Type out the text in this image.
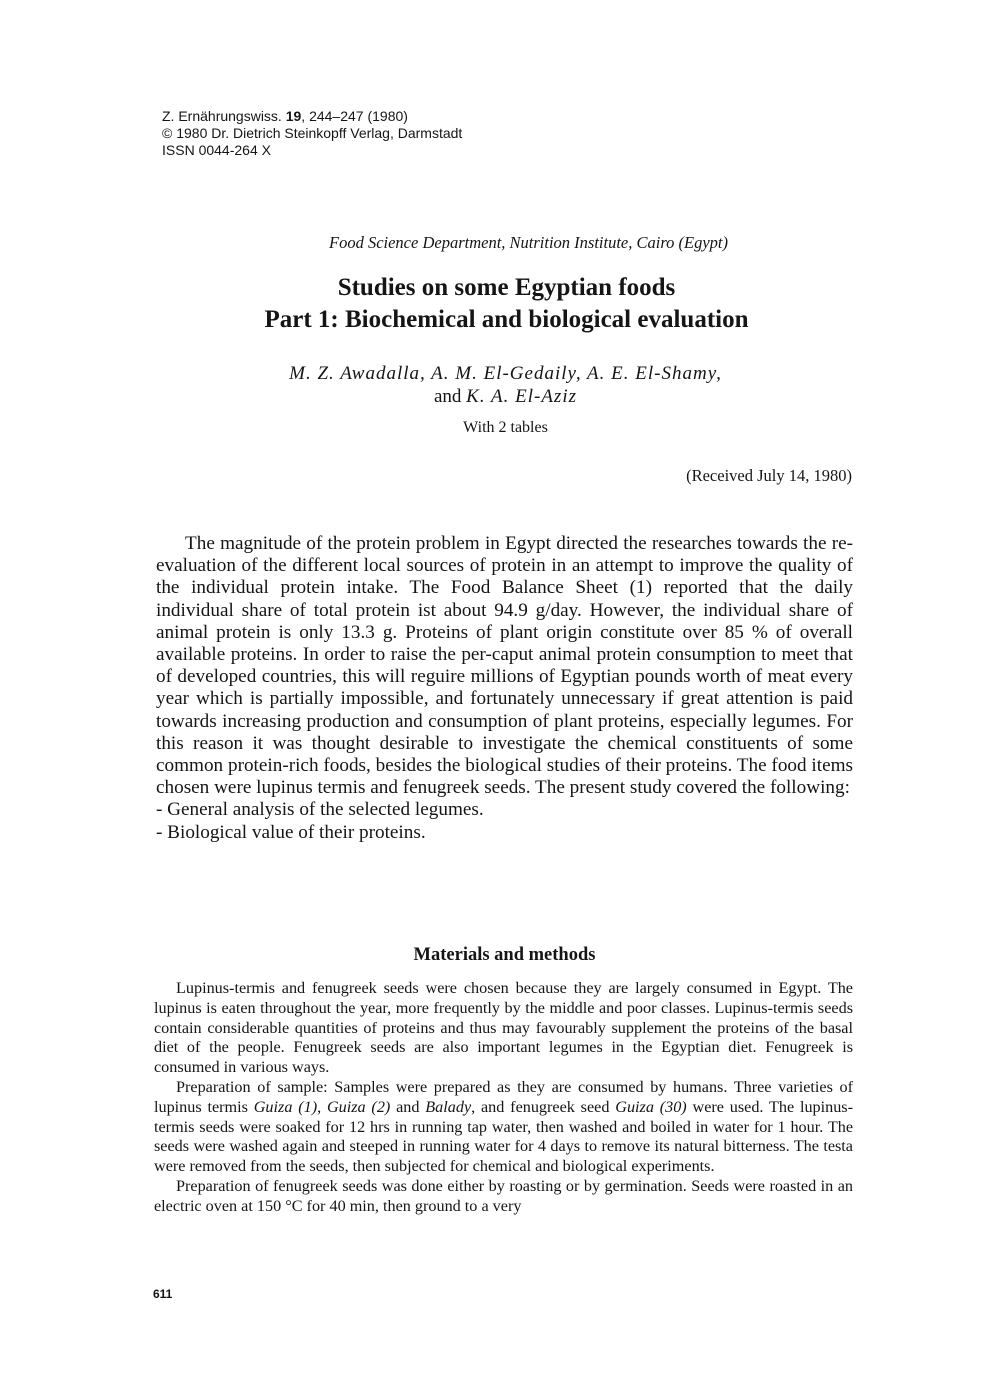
Z. Ernährungswiss. 19, 244–247 (1980)
© 1980 Dr. Dietrich Steinkopff Verlag, Darmstadt
ISSN 0044-264 X
Food Science Department, Nutrition Institute, Cairo (Egypt)
Studies on some Egyptian foods
Part 1: Biochemical and biological evaluation
M. Z. Awadalla, A. M. El-Gedaily, A. E. El-Shamy,
and K. A. El-Aziz
With 2 tables
(Received July 14, 1980)

The magnitude of the protein problem in Egypt directed the researches towards the re-evaluation of the different local sources of protein in an attempt to improve the quality of the individual protein intake. The Food Balance Sheet (1) reported that the daily individual share of total protein ist about 94.9 g/day. However, the individual share of animal protein is only 13.3 g. Proteins of plant origin constitute over 85 % of overall available proteins. In order to raise the per-caput animal protein consumption to meet that of developed countries, this will reguire millions of Egyptian pounds worth of meat every year which is partially impossible, and fortunately unnecessary if great attention is paid towards increasing production and consumption of plant proteins, especially legumes. For this reason it was thought desirable to investigate the chemical constituents of some common protein-rich foods, besides the biological studies of their proteins. The food items chosen were lupinus termis and fenugreek seeds. The present study covered the following:

- General analysis of the selected legumes.

- Biological value of their proteins.

Materials and methods

Lupinus-termis and fenugreek seeds were chosen because they are largely consumed in Egypt. The lupinus is eaten throughout the year, more frequently by the middle and poor classes. Lupinus-termis seeds contain considerable quantities of proteins and thus may favourably supplement the proteins of the basal diet of the people. Fenugreek seeds are also important legumes in the Egyptian diet. Fenugreek is consumed in various ways.

Preparation of sample: Samples were prepared as they are consumed by humans. Three varieties of lupinus termis Guiza (1), Guiza (2) and Balady, and fenugreek seed Guiza (30) were used. The lupinus-termis seeds were soaked for 12 hrs in running tap water, then washed and boiled in water for 1 hour. The seeds were washed again and steeped in running water for 4 days to remove its natural bitterness. The testa were removed from the seeds, then subjected for chemical and biological experiments.

Preparation of fenugreek seeds was done either by roasting or by germination. Seeds were roasted in an electric oven at 150 °C for 40 min, then ground to a very

611
